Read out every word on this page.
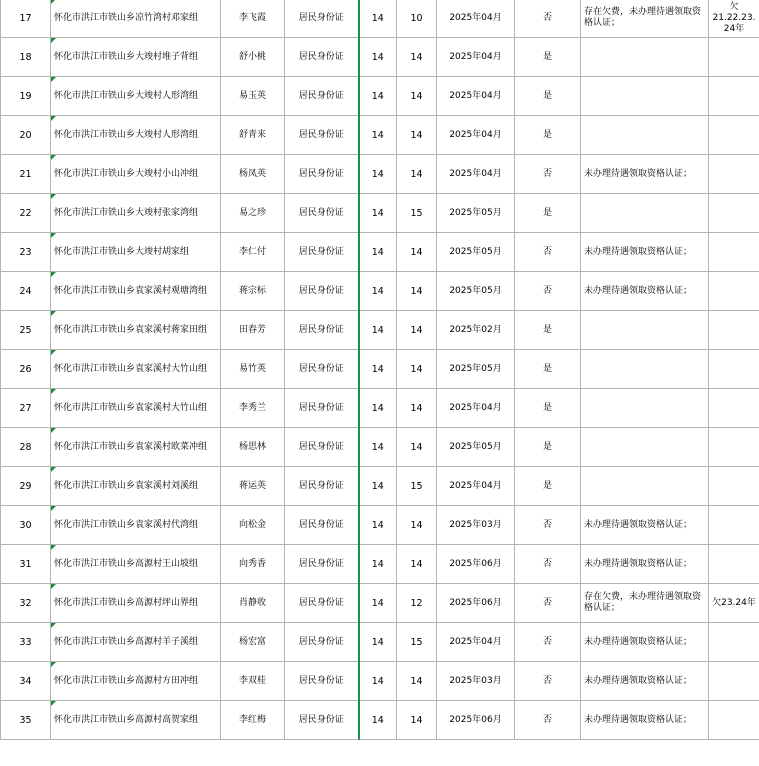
17	怀化市洪江市铁山乡凉竹湾村邓家组	李飞霞	居民身份证	14	10	2025年04月	否	存在欠费，未办理待遇领取资格认证；	欠
21.22.23.
24年
18	怀化市洪江市铁山乡大竣村堆子背组	舒小桃	居民身份证	14	14	2025年04月	是		
19	怀化市洪江市铁山乡大竣村人形湾组	易玉英	居民身份证	14	14	2025年04月	是		
20	怀化市洪江市铁山乡大竣村人形湾组	舒青来	居民身份证	14	14	2025年04月	是		
21	怀化市洪江市铁山乡大竣村小山冲组	杨凤英	居民身份证	14	14	2025年04月	否	未办理待遇领取资格认证；	
22	怀化市洪江市铁山乡大竣村张家湾组	易之珍	居民身份证	14	15	2025年05月	是		
23	怀化市洪江市铁山乡大竣村胡家组	李仁付	居民身份证	14	14	2025年05月	否	未办理待遇领取资格认证；	
24	怀化市洪江市铁山乡袁家溪村观塘湾组	蒋宗标	居民身份证	14	14	2025年05月	否	未办理待遇领取资格认证；	
25	怀化市洪江市铁山乡袁家溪村蒋家田组	田春芳	居民身份证	14	14	2025年02月	是		
26	怀化市洪江市铁山乡袁家溪村大竹山组	易竹英	居民身份证	14	14	2025年05月	是		
27	怀化市洪江市铁山乡袁家溪村大竹山组	李秀兰	居民身份证	14	14	2025年04月	是		
28	怀化市洪江市铁山乡袁家溪村欧菜冲组	杨思林	居民身份证	14	14	2025年05月	是		
29	怀化市洪江市铁山乡袁家溪村刘溪组	蒋运英	居民身份证	14	15	2025年04月	是		
30	怀化市洪江市铁山乡袁家溪村代湾组	向松金	居民身份证	14	14	2025年03月	否	未办理待遇领取资格认证；	
31	怀化市洪江市铁山乡高源村王山坡组	向秀香	居民身份证	14	14	2025年06月	否	未办理待遇领取资格认证；	
32	怀化市洪江市铁山乡高源村坪山界组	肖静收	居民身份证	14	12	2025年06月	否	存在欠费，未办理待遇领取资格认证；	欠23.24年
33	怀化市洪江市铁山乡高源村羊子溪组	杨宏富	居民身份证	14	15	2025年04月	否	未办理待遇领取资格认证；	
34	怀化市洪江市铁山乡高源村方田冲组	李双桂	居民身份证	14	14	2025年03月	否	未办理待遇领取资格认证；	
35	怀化市洪江市铁山乡高源村高贺家组	李红梅	居民身份证	14	14	2025年06月	否	未办理待遇领取资格认证；	
